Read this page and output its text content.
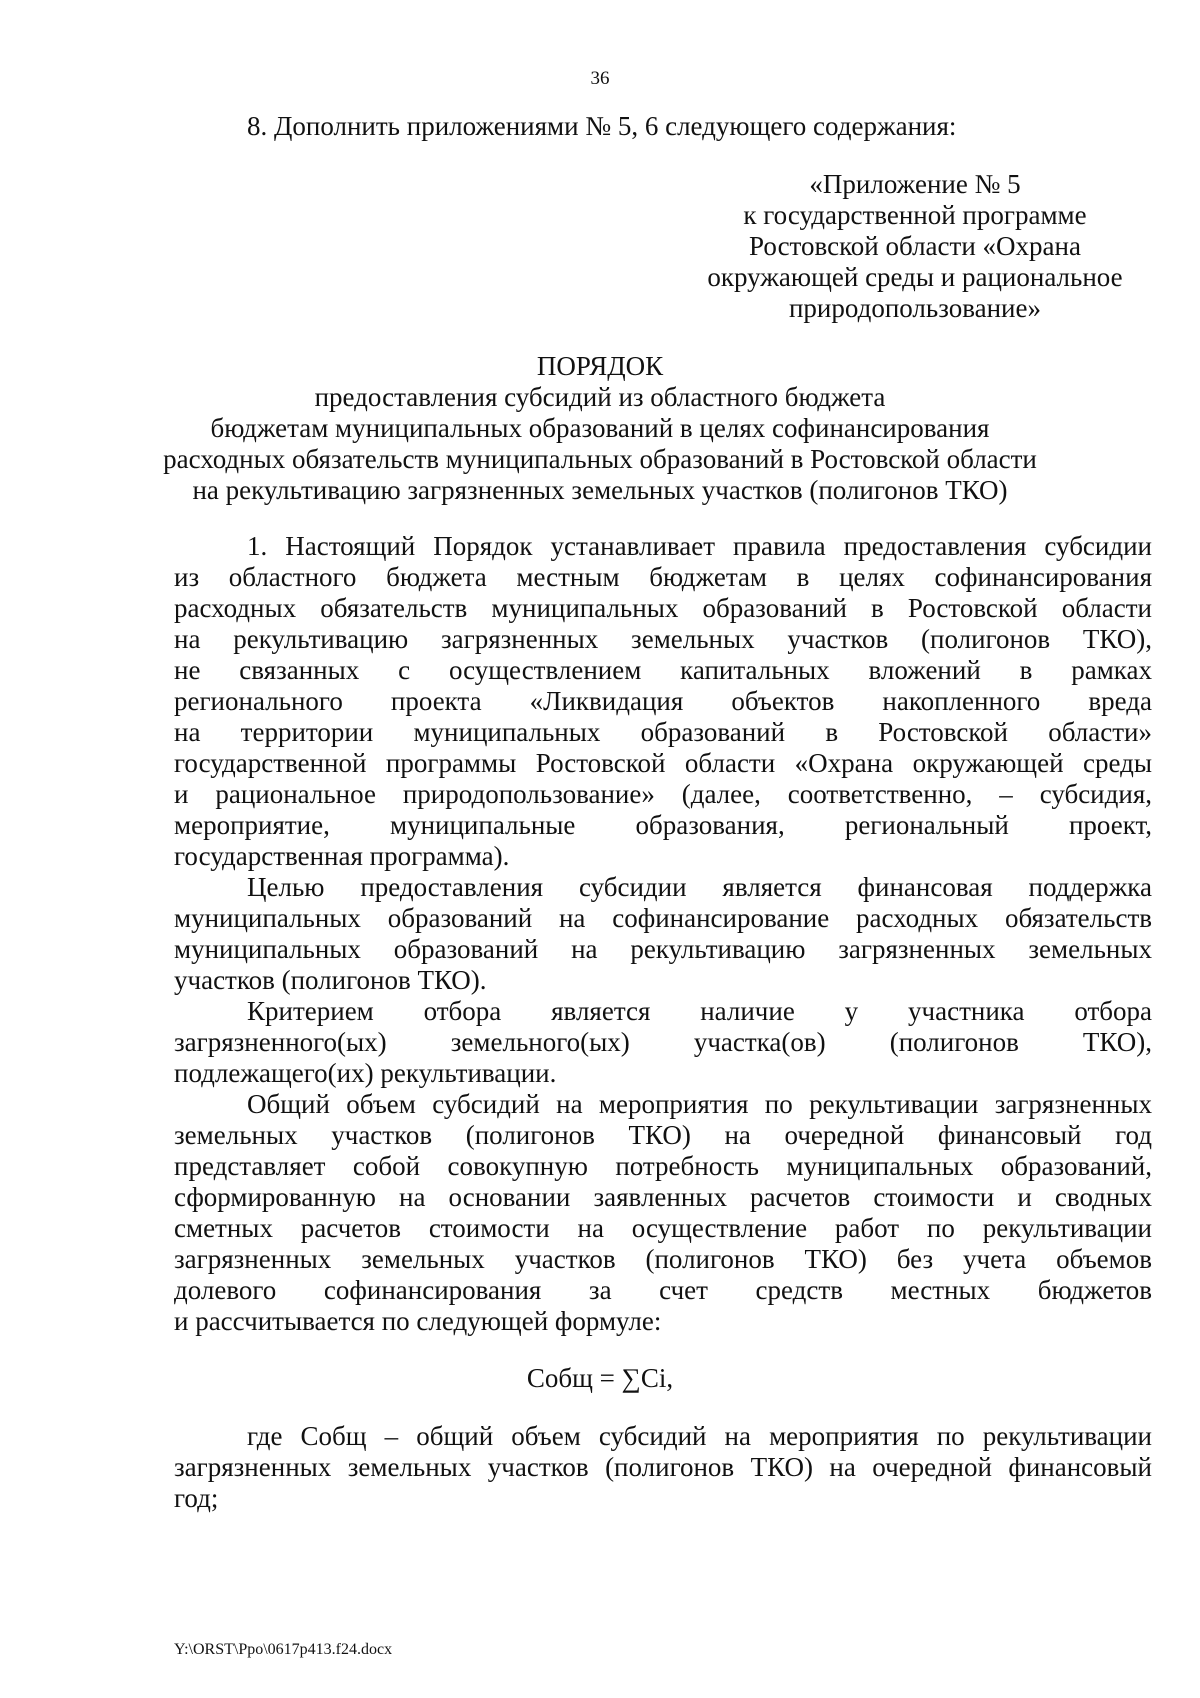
36
8. Дополнить приложениями № 5, 6 следующего содержания:
«Приложение № 5
к государственной программе
Ростовской области «Охрана
окружающей среды и рациональное
природопользование»
ПОРЯДОК
предоставления субсидий из областного бюджета
бюджетам муниципальных образований в целях софинансирования
расходных обязательств муниципальных образований в Ростовской области
на рекультивацию загрязненных земельных участков (полигонов ТКО)
1. Настоящий Порядок устанавливает правила предоставления субсидии
из областного бюджета местным бюджетам в целях софинансирования
расходных обязательств муниципальных образований в Ростовской области
на рекультивацию загрязненных земельных участков (полигонов ТКО),
не связанных с осуществлением капитальных вложений в рамках
регионального проекта «Ликвидация объектов накопленного вреда
на территории муниципальных образований в Ростовской области»
государственной программы Ростовской области «Охрана окружающей среды
и рациональное природопользование» (далее, соответственно, – субсидия,
мероприятие, муниципальные образования, региональный проект,
государственная программа).
Целью предоставления субсидии является финансовая поддержка
муниципальных образований на софинансирование расходных обязательств
муниципальных образований на рекультивацию загрязненных земельных
участков (полигонов ТКО).
Критерием отбора является наличие у участника отбора
загрязненного(ых) земельного(ых) участка(ов) (полигонов ТКО),
подлежащего(их) рекультивации.
Общий объем субсидий на мероприятия по рекультивации загрязненных
земельных участков (полигонов ТКО) на очередной финансовый год
представляет собой совокупную потребность муниципальных образований,
сформированную на основании заявленных расчетов стоимости и сводных
сметных расчетов стоимости на осуществление работ по рекультивации
загрязненных земельных участков (полигонов ТКО) без учета объемов
долевого софинансирования за счет средств местных бюджетов
и рассчитывается по следующей формуле:
Cобщ = ∑Ci,
где Cобщ – общий объем субсидий на мероприятия по рекультивации
загрязненных земельных участков (полигонов ТКО) на очередной финансовый
год;
Y:\ORST\Ppo\0617p413.f24.docx
